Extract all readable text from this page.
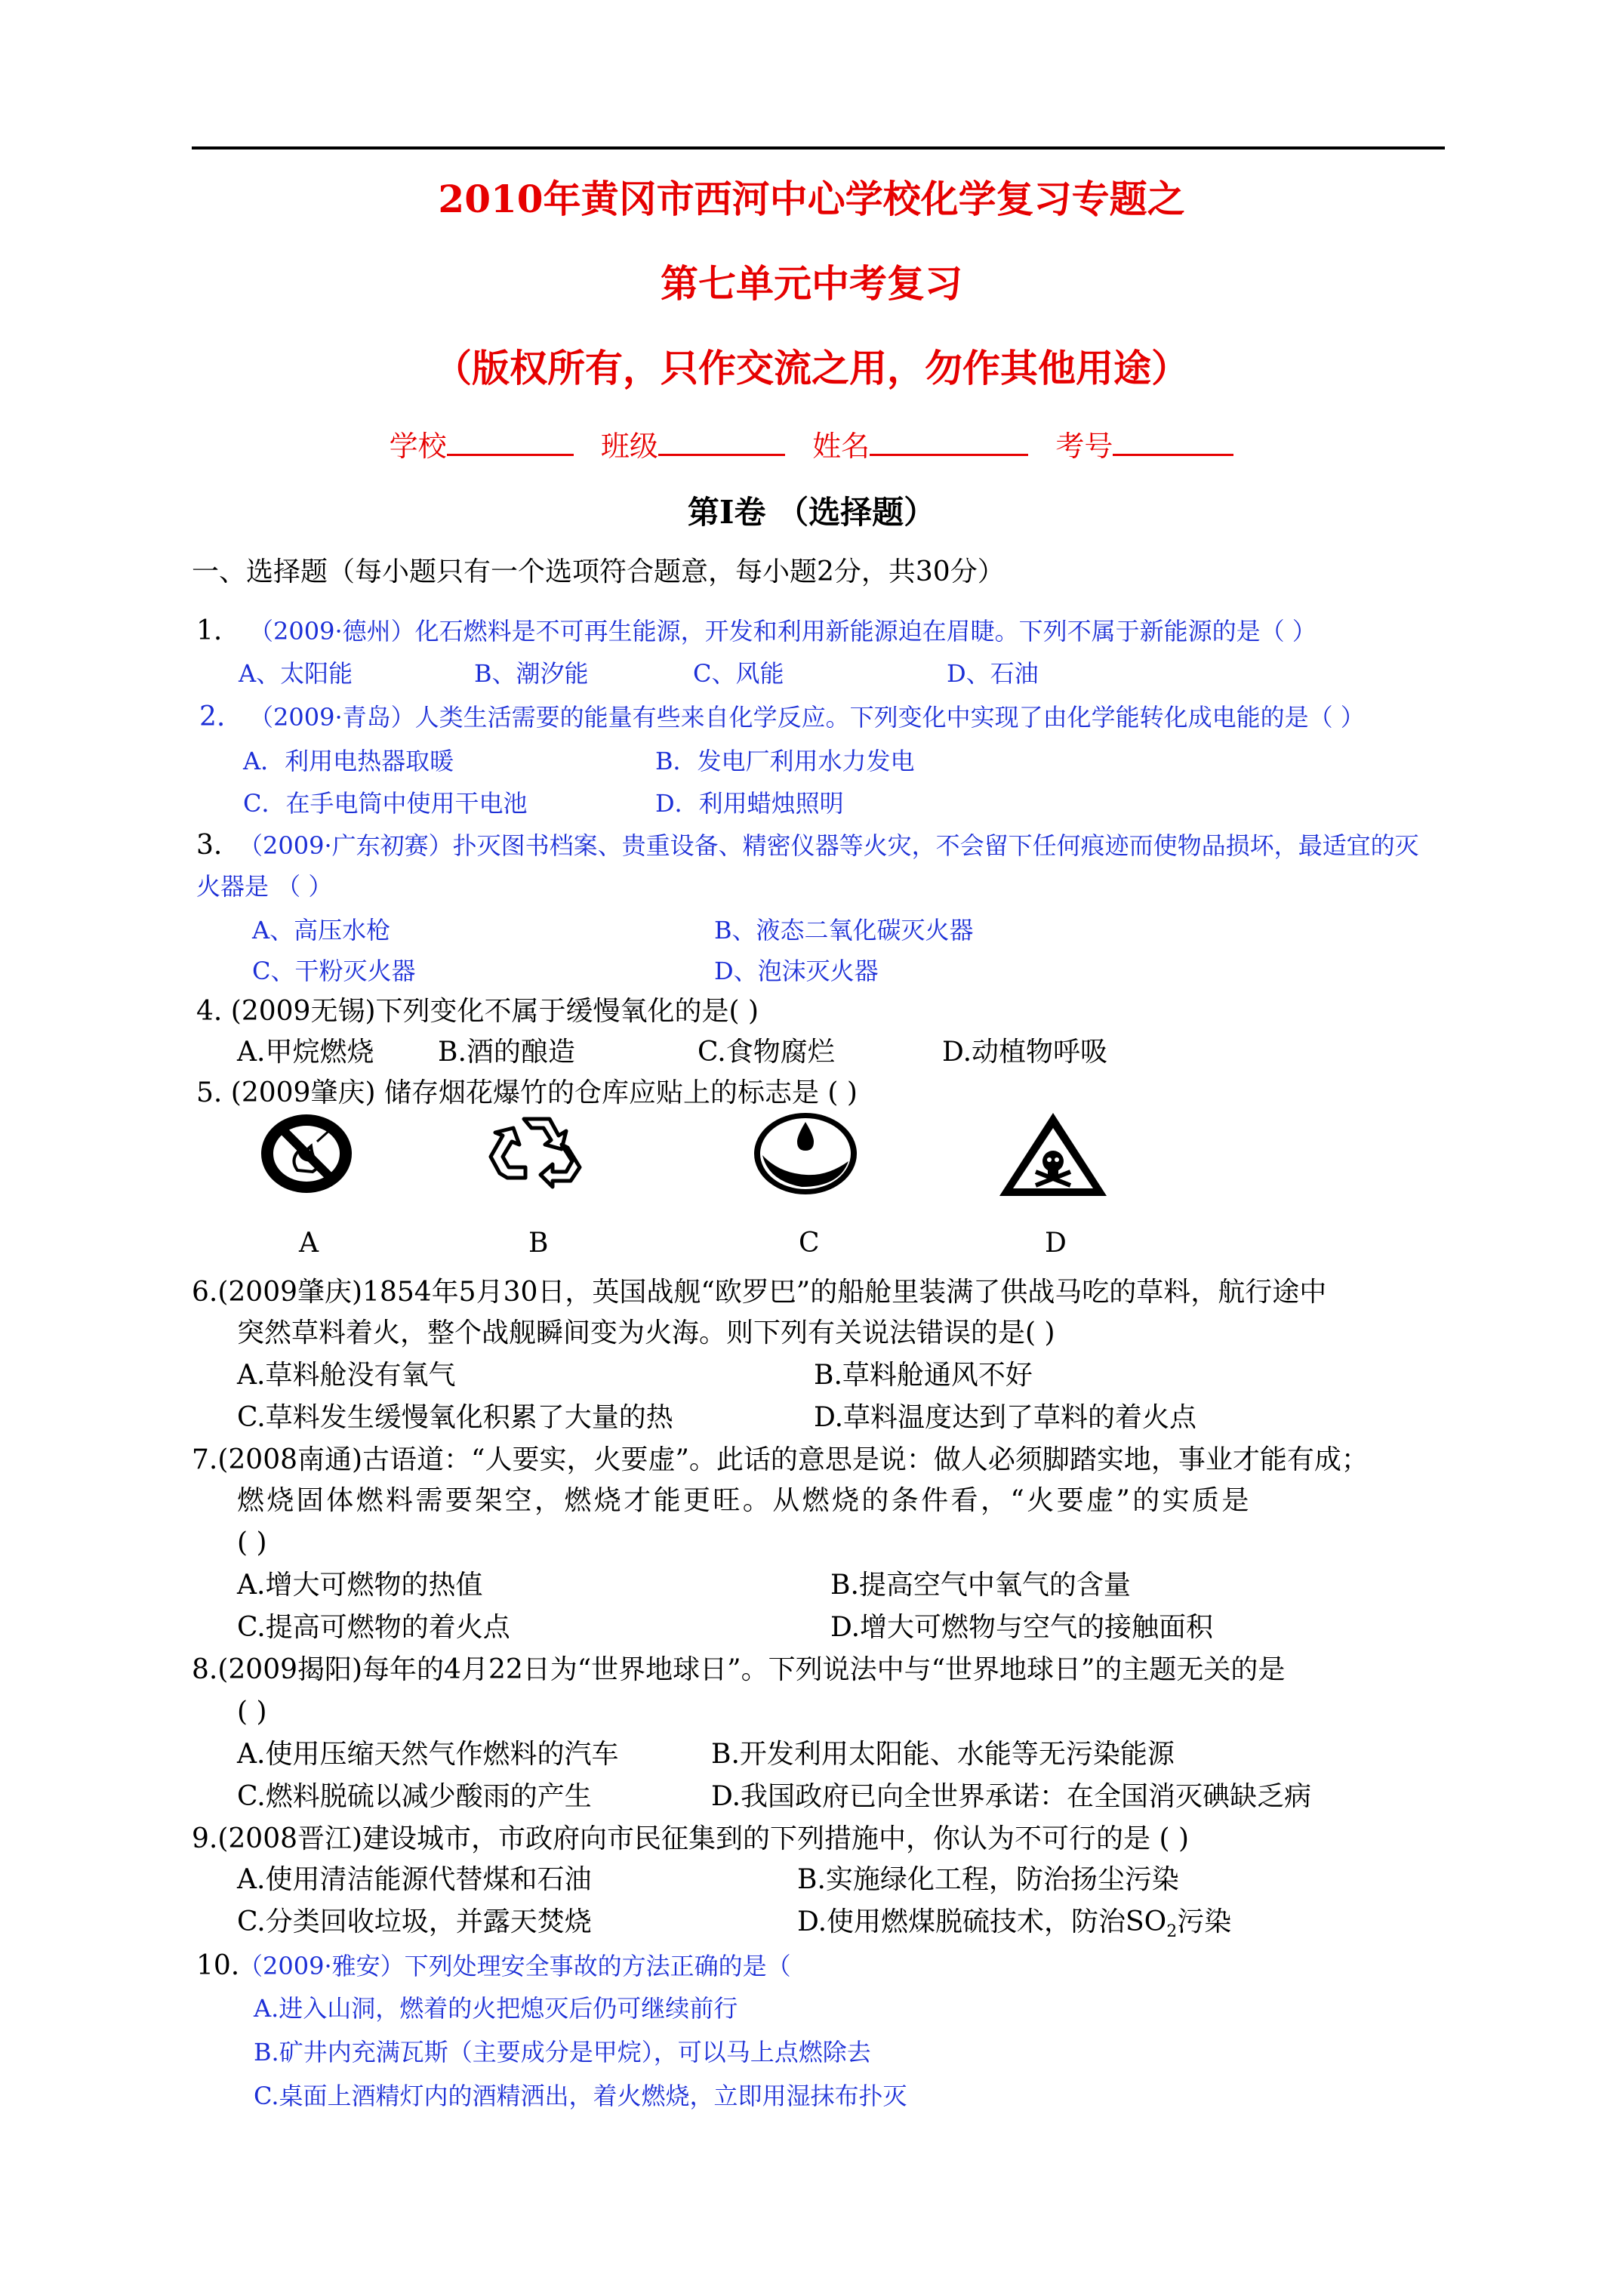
2010年黄冈市西河中心学校化学复习专题之
第七单元中考复习
（版权所有，只作交流之用，勿作其他用途）
学校	班级	姓名	考号
第Ⅰ卷 （选择题）
一、选择题（每小题只有一个选项符合题意，每小题2分，共30分）
1. （2009·德州）化石燃料是不可再生能源，开发和利用新能源迫在眉睫。下列不属于新能源的是（ ）
A、太阳能	B、潮汐能	C、风能	D、石油
2. （2009·青岛）人类生活需要的能量有些来自化学反应。下列变化中实现了由化学能转化成电能的是（ ）
A．利用电热器取暖	B．发电厂利用水力发电
C．在手电筒中使用干电池	D．利用蜡烛照明
3. （2009·广东初赛）扑灭图书档案、贵重设备、精密仪器等火灾，不会留下任何痕迹而使物品损坏，最适宜的灭
火器是 （ ）
A、高压水枪	B、液态二氧化碳灭火器
C、干粉灭火器	D、泡沫灭火器
4. (2009无锡)下列变化不属于缓慢氧化的是( )
A.甲烷燃烧 B.酒的酿造	C.食物腐烂	D.动植物呼吸
5. (2009肇庆) 储存烟花爆竹的仓库应贴上的标志是 ( )
A	B	C	D
6.(2009肇庆)1854年5月30日，英国战舰“欧罗巴”的船舱里装满了供战马吃的草料，航行途中
突然草料着火，整个战舰瞬间变为火海。则下列有关说法错误的是( )
A.草料舱没有氧气	B.草料舱通风不好
C.草料发生缓慢氧化积累了大量的热	D.草料温度达到了草料的着火点
7.(2008南通)古语道：“人要实，火要虚”。此话的意思是说：做人必须脚踏实地，事业才能有成；
燃烧固体燃料需要架空，燃烧才能更旺。从燃烧的条件看，“火要虚”的实质是
( )
A.增大可燃物的热值	B.提高空气中氧气的含量
C.提高可燃物的着火点	D.增大可燃物与空气的接触面积
8.(2009揭阳)每年的4月22日为“世界地球日”。下列说法中与“世界地球日”的主题无关的是
( )
A.使用压缩天然气作燃料的汽车	B.开发利用太阳能、水能等无污染能源
C.燃料脱硫以减少酸雨的产生	D.我国政府已向全世界承诺：在全国消灭碘缺乏病
9.(2008晋江)建设城市，市政府向市民征集到的下列措施中，你认为不可行的是 ( )
A.使用清洁能源代替煤和石油	B.实施绿化工程，防治扬尘污染
C.分类回收垃圾，并露天焚烧	D.使用燃煤脱硫技术，防治$SO_2$污染
10.
（2009·雅安）下列处理安全事故的方法正确的是（
A.进入山洞，燃着的火把熄灭后仍可继续前行
B.矿井内充满瓦斯（主要成分是甲烷），可以马上点燃除去
C.桌面上酒精灯内的酒精洒出，着火燃烧，立即用湿抹布扑灭
